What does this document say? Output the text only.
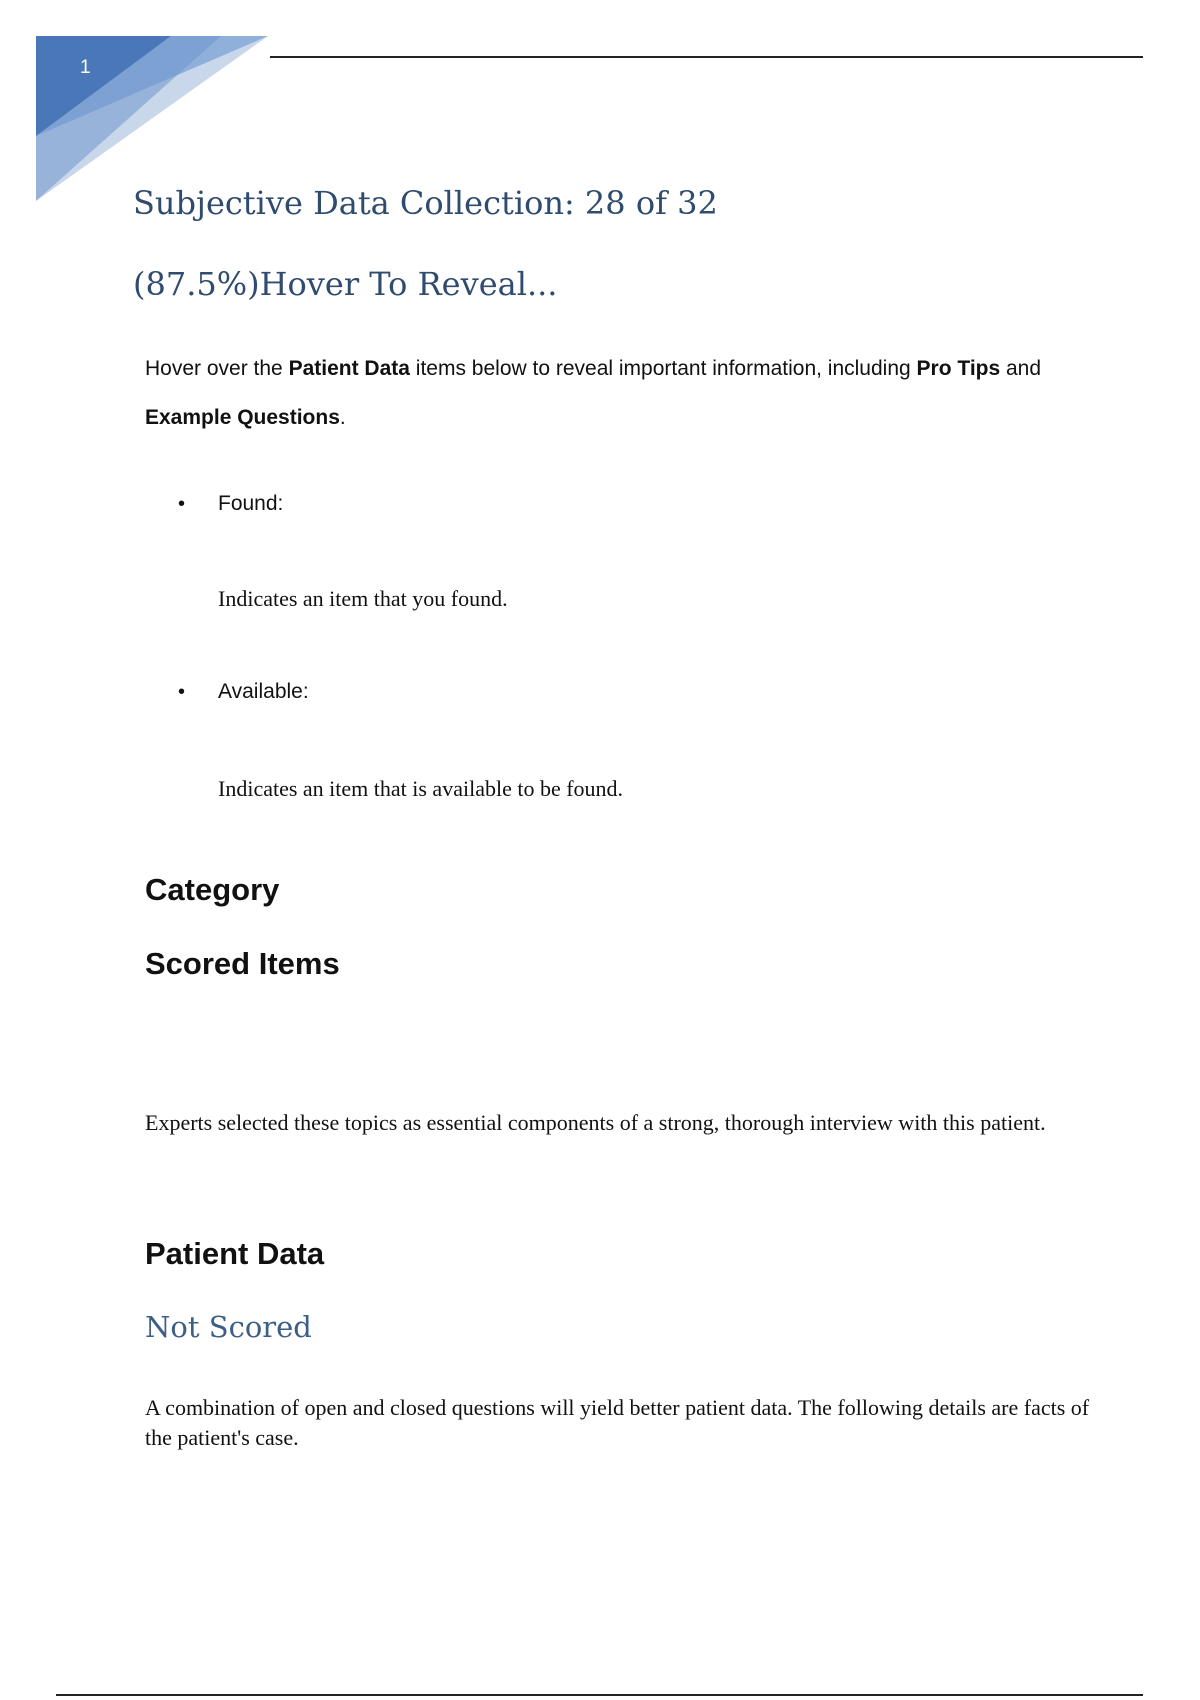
1
Subjective Data Collection: 28 of 32
(87.5%)Hover To Reveal...

Hover over the Patient Data items below to reveal important information, including Pro Tips and Example Questions.

• Found:
Indicates an item that you found.
• Available:
Indicates an item that is available to be found.
Category
Scored Items

Experts selected these topics as essential components of a strong, thorough interview with this patient.

Patient Data
Not Scored

A combination of open and closed questions will yield better patient data. The following details are facts of the patient's case.
